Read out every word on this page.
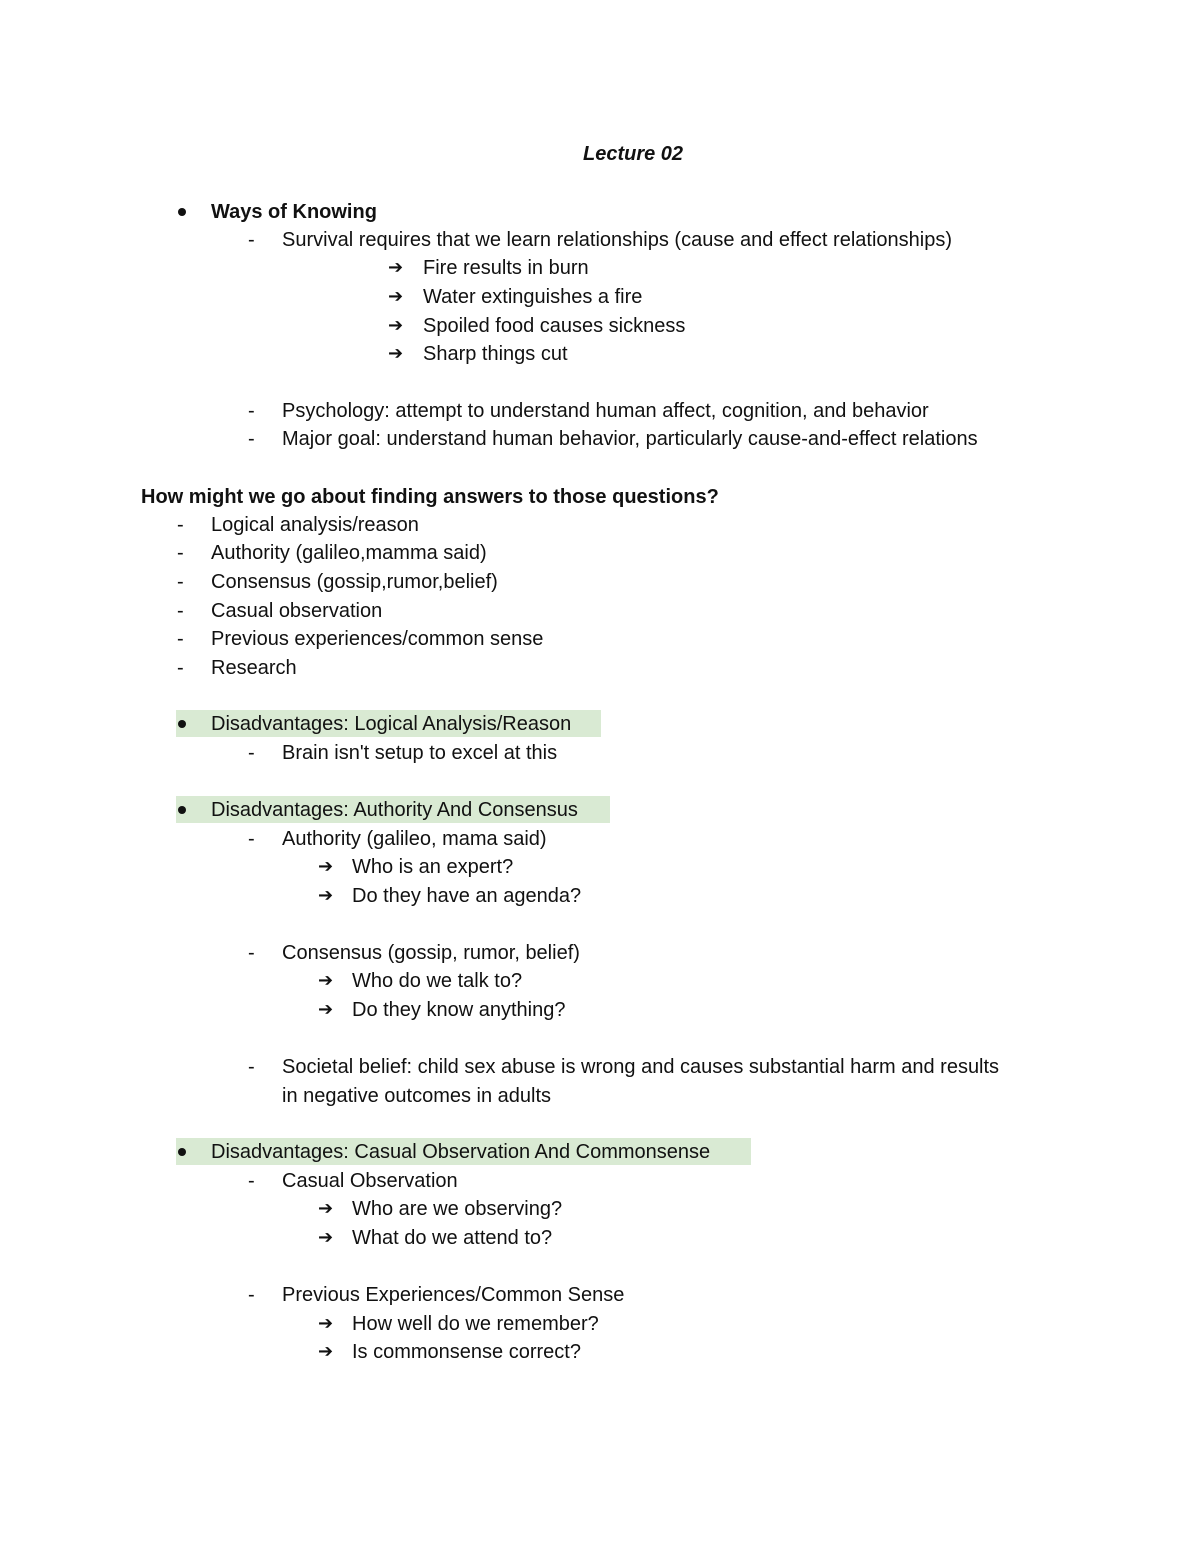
Lecture 02
Ways of Knowing
- Survival requires that we learn relationships (cause and effect relationships)
➔ Fire results in burn
➔ Water extinguishes a fire
➔ Spoiled food causes sickness
➔ Sharp things cut
- Psychology: attempt to understand human affect, cognition, and behavior
- Major goal: understand human behavior, particularly cause-and-effect relations
How might we go about finding answers to those questions?
- Logical analysis/reason
- Authority (galileo,mamma said)
- Consensus (gossip,rumor,belief)
- Casual observation
- Previous experiences/common sense
- Research
Disadvantages: Logical Analysis/Reason
- Brain isn't setup to excel at this
Disadvantages: Authority And Consensus
- Authority (galileo, mama said)
➔ Who is an expert?
➔ Do they have an agenda?
- Consensus (gossip, rumor, belief)
➔ Who do we talk to?
➔ Do they know anything?
- Societal belief: child sex abuse is wrong and causes substantial harm and results
in negative outcomes in adults
Disadvantages: Casual Observation And Commonsense
- Casual Observation
➔ Who are we observing?
➔ What do we attend to?
- Previous Experiences/Common Sense
➔ How well do we remember?
➔ Is commonsense correct?
